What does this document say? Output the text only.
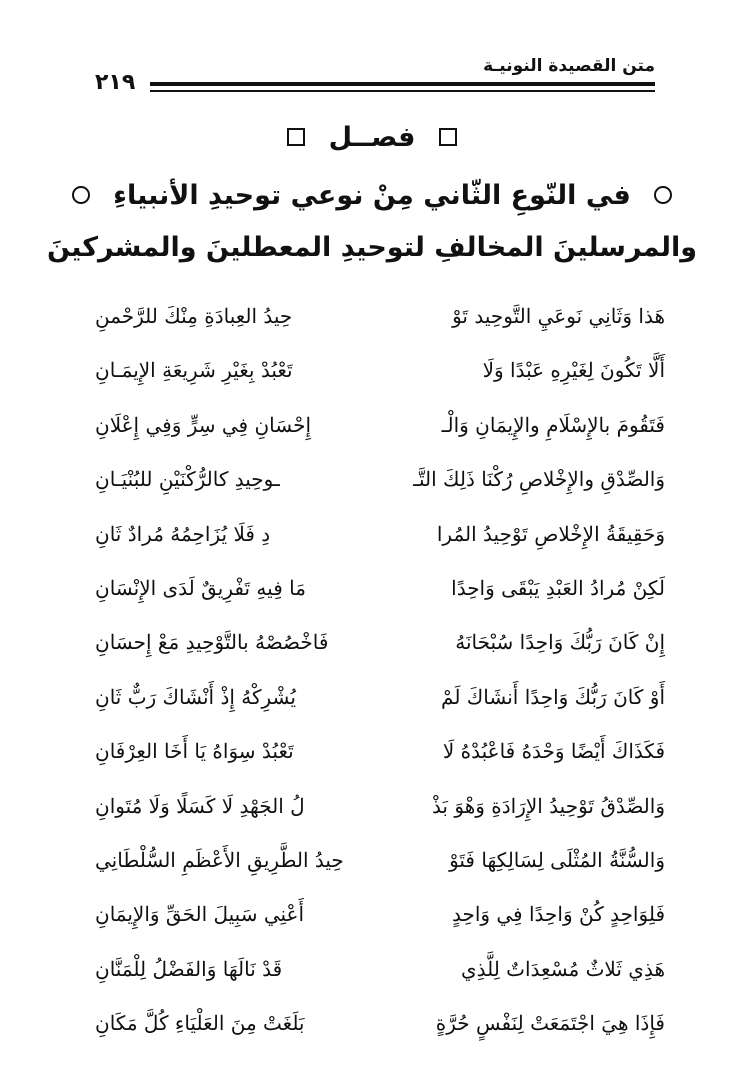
متن القصيدة النونيـة
٢١٩
فصــل
في النّوعِ الثّاني مِنْ نوعي توحيدِ الأنبياءِ
والمرسلينَ المخالفِ لتوحيدِ المعطلينَ والمشركينَ
هَذا وَثَانِي نَوعَيِ التَّوحِيد تَوْ
حِيدُ العِبادَةِ مِنْكَ للرَّحْمنِ
أَلَّا تَكُونَ لِغَيْرِهِ عَبْدًا وَلَا
تَعْبُدْ بِغَيْرِ شَرِيعَةِ الإِيمَـانِ
فَتَقُومَ بالإِسْلَامِ والإِيمَانِ وَالْـ
إِحْسَانِ فِي سِرٍّ وَفِي إِعْلَانِ
وَالصِّدْقِ والإِخْلاصِ رُكْنَا ذَلِكَ التَّـ
ـوحِيدِ كالرُّكْنَيْنِ للبُنْيَـانِ
وَحَقِيقَةُ الإِخْلاصِ تَوْحِيدُ المُرا
دِ فَلَا يُزَاحِمُهُ مُرادٌ ثَانِ
لَكِنْ مُرادُ العَبْدِ يَبْقَى وَاحِدًا
مَا فِيهِ تَفْرِيقٌ لَدَى الإِنْسَانِ
إِنْ كَانَ رَبُّكَ وَاحِدًا سُبْحَانَهُ
فَاخْصُصْهُ بالتَّوْحِيدِ مَعْ إِحسَانِ
أَوْ كَانَ رَبُّكَ وَاحِدًا أَنشَاكَ لَمْ
يُشْرِكْهُ إِذْ أَنْشَاكَ رَبٌّ ثَانِ
فَكَذَاكَ أَيْضًا وَحْدَهُ فَاعْبُدْهُ لَا
تَعْبُدْ سِوَاهُ يَا أَخَا العِرْفَانِ
وَالصِّدْقُ تَوْحِيدُ الإِرَادَةِ وَهْوَ بَذْ
لُ الجَهْدِ لَا كَسَلًا وَلَا مُتَوانِ
وَالسُّنَّةُ المُثْلَى لِسَالِكِهَا فَتَوْ
حِيدُ الطَّرِيقِ الأَعْظَمِ السُّلْطَانِي
فَلِوَاحِدٍ كُنْ وَاحِدًا فِي وَاحِدٍ
أَعْنِي سَبِيلَ الحَقِّ وَالإِيمَانِ
هَذِي ثَلاثٌ مُسْعِدَاتٌ لِلَّذِي
قَدْ نَالَهَا وَالفَضْلُ لِلْمَنَّانِ
فَإِذَا هِيَ اجْتَمَعَتْ لِنَفْسٍ حُرَّةٍ
بَلَغَتْ مِنَ العَلْيَاءِ كُلَّ مَكَانِ
